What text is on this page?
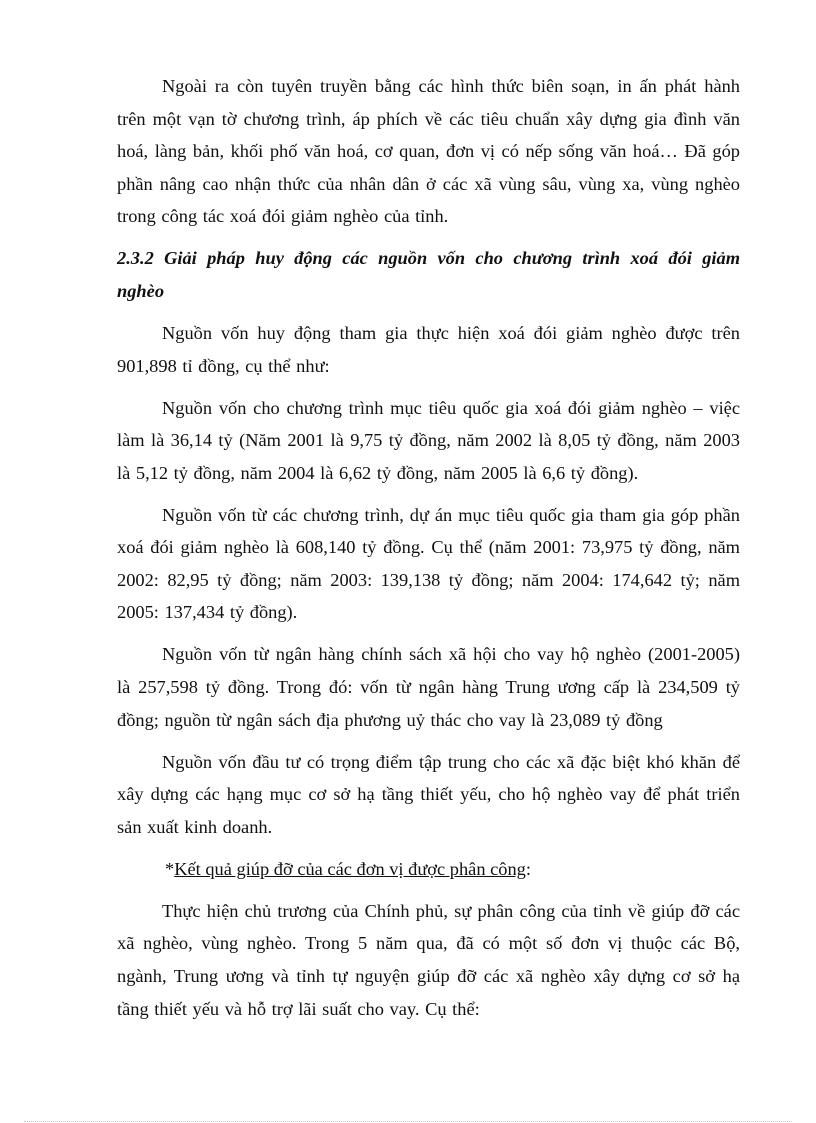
Ngoài ra còn tuyên truyền bằng các hình thức biên soạn, in ấn phát hành trên một vạn tờ chương trình, áp phích về các tiêu chuẩn xây dựng gia đình văn hoá, làng bản, khối phố văn hoá, cơ quan, đơn vị có nếp sống văn hoá… Đã góp phần nâng cao nhận thức của nhân dân ở các xã vùng sâu, vùng xa, vùng nghèo trong công tác xoá đói giảm nghèo của tỉnh.

2.3.2 Giải pháp huy động các nguồn vốn cho chương trình xoá đói giảm nghèo

Nguồn vốn huy động tham gia thực hiện xoá đói giảm nghèo được trên 901,898 tỉ đồng, cụ thể như:

Nguồn vốn cho chương trình mục tiêu quốc gia xoá đói giảm nghèo – việc làm là 36,14 tỷ (Năm 2001 là 9,75 tỷ đồng, năm 2002 là 8,05 tỷ đồng, năm 2003 là 5,12 tỷ đồng, năm 2004 là 6,62 tỷ đồng, năm 2005 là 6,6 tỷ đồng).

Nguồn vốn từ các chương trình, dự án mục tiêu quốc gia tham gia góp phần xoá đói giảm nghèo là 608,140 tỷ đồng. Cụ thể (năm 2001: 73,975 tỷ đồng, năm 2002: 82,95 tỷ đồng; năm 2003: 139,138 tỷ đồng; năm 2004: 174,642 tỷ; năm 2005: 137,434 tỷ đồng).

Nguồn vốn từ ngân hàng chính sách xã hội cho vay hộ nghèo (2001-2005) là 257,598 tỷ đồng. Trong đó: vốn từ ngân hàng Trung ương cấp là 234,509 tỷ đồng; nguồn từ ngân sách địa phương uỷ thác cho vay là 23,089 tỷ đồng

Nguồn vốn đầu tư có trọng điểm tập trung cho các xã đặc biệt khó khăn để xây dựng các hạng mục cơ sở hạ tầng thiết yếu, cho hộ nghèo vay để phát triển sản xuất kinh doanh.

*Kết quả giúp đỡ của các đơn vị được phân công:

Thực hiện chủ trương của Chính phủ, sự phân công của tỉnh về giúp đỡ các xã nghèo, vùng nghèo. Trong 5 năm qua, đã có một số đơn vị thuộc các Bộ, ngành, Trung ương và tỉnh tự nguyện giúp đỡ các xã nghèo xây dựng cơ sở hạ tầng thiết yếu và hỗ trợ lãi suất cho vay. Cụ thể:
